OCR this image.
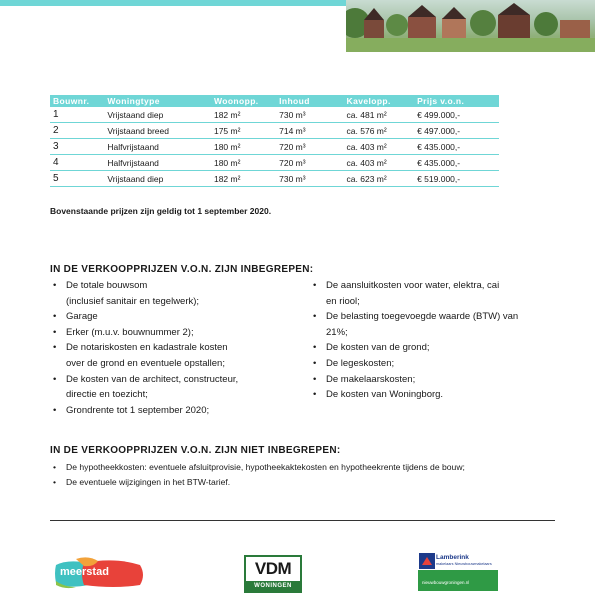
Bouwnr.	Woningtype	Woonopp.	Inhoud	Kavelopp.	Prijs v.o.n.
1	Vrijstaand diep	182 m²	730 m³	ca. 481 m²	€ 499.000,-
2	Vrijstaand breed	175 m²	714 m³	ca. 576 m²	€ 497.000,-
3	Halfvrijstaand	180 m²	720 m³	ca. 403 m²	€ 435.000,-
4	Halfvrijstaand	180 m²	720 m³	ca. 403 m²	€ 435.000,-
5	Vrijstaand diep	182 m²	730 m³	ca. 623 m²	€ 519.000,-
Bovenstaande prijzen zijn geldig tot 1 september 2020.
IN DE VERKOOPPRIJZEN V.O.N. ZIJN INBEGREPEN:
• De totale bouwsom
(inclusief sanitair en tegelwerk);
• Garage
• Erker (m.u.v. bouwnummer 2);
• De notariskosten en kadastrale kosten
over de grond en eventuele opstallen;
• De kosten van de architect, constructeur,
directie en toezicht;
• Grondrente tot 1 september 2020;
• De aansluitkosten voor water, elektra, cai
en riool;
• De belasting toegevoegde waarde (BTW) van
21%;
• De kosten van de grond;
• De legeskosten;
• De makelaarskosten;
• De kosten van Woningborg.
IN DE VERKOOPPRIJZEN V.O.N. ZIJN NIET INBEGREPEN:
• De hypotheekkosten: eventuele afsluitprovisie, hypotheekaktekosten en hypotheekrente tijdens de bouw;
• De eventuele wijzigingen in het BTW-tarief.
meerstad	VDM
WONINGEN
Lamberink
makelaars Nieuwbouwmakelaars
nieuwbouwgroningen.nl
